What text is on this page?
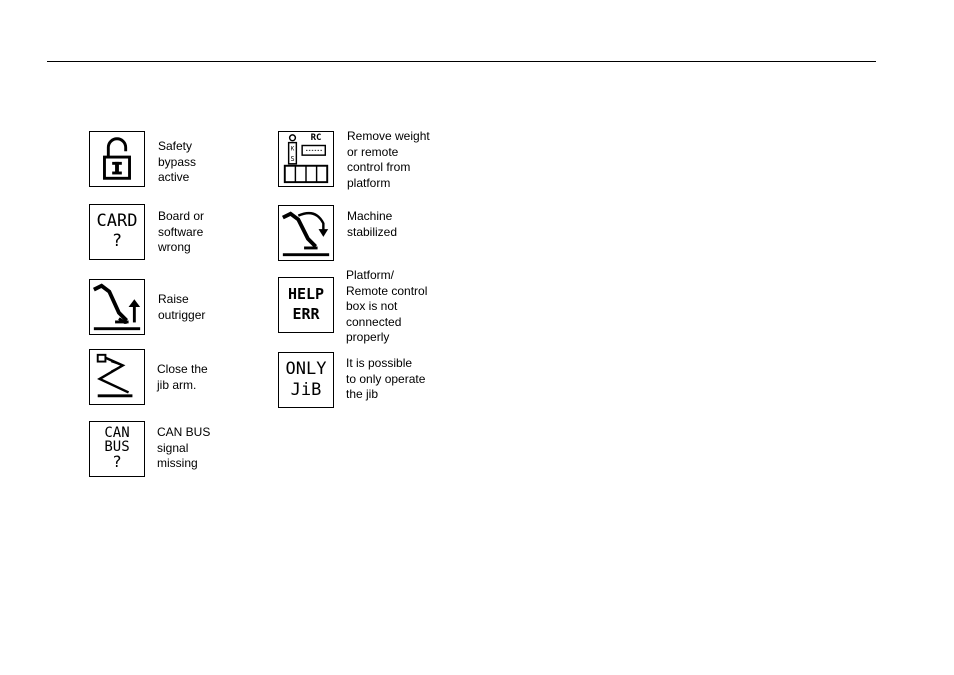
Safety
bypass
active
CARD
?
Board or
software
wrong
Raise
outrigger
Close the
jib arm.
CAN
BUS
?
CAN BUS
signal
missing
K
S
RC	Remove weight
or remote
control from
platform
Machine
stabilized
HELP
ERR
Platform/
Remote control
box is not
connected
properly
ONLY
JiB
It is possible
to only operate
the jib
